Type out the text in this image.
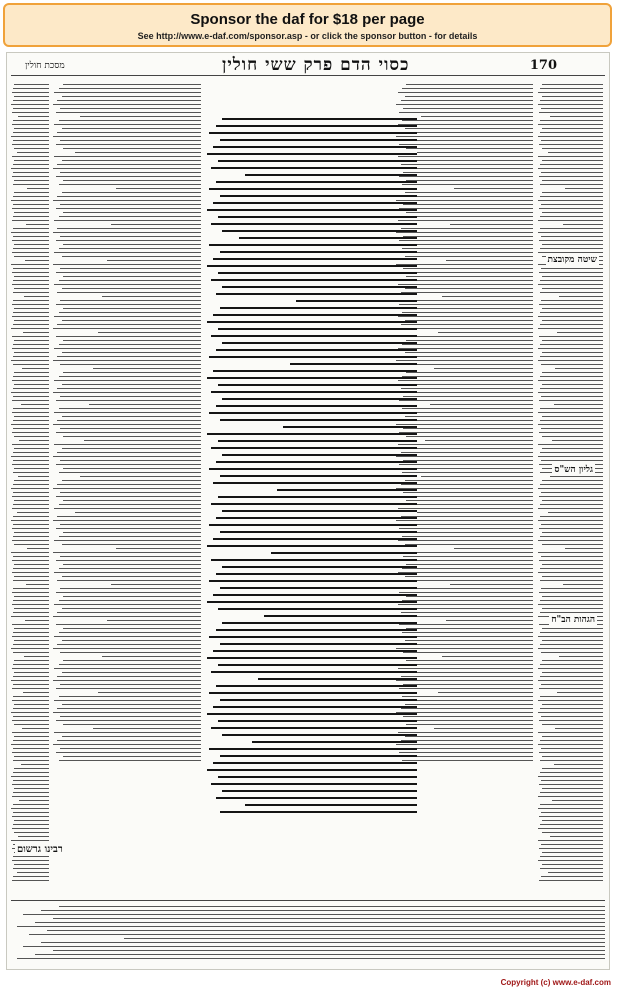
Sponsor the daf for $18 per page
See http://www.e-daf.com/sponsor.asp - or click the sponsor button - for details
170
כסוי הדם פרק ששי חולין
מסכת חולין
שיטה מקובצת
גליון הש"ס
הגהות הב"ח
רבינו גרשום
Copyright (c) www.e-daf.com
